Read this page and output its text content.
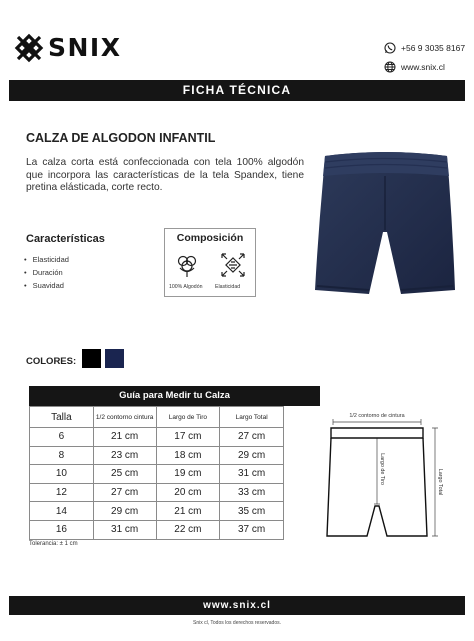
SNIX	+56 9 3035 8167
www.snix.cl
FICHA TÉCNICA
CALZA DE ALGODON INFANTIL

La calza corta está confeccionada con tela 100% algodón que incorpora las características de la tela Spandex, tiene pretina elásticada, corte recto.

Características
• Elasticidad
• Duración
• Suavidad
Composición
100% Algodón Elasticidad
COLORES:
Guía para Medir tu Calza
Talla	1/2 contorno cintura	Largo de Tiro	Largo Total
6	21 cm	17 cm	27 cm
8	23 cm	18 cm	29 cm
10	25 cm	19 cm	31 cm
12	27 cm	20 cm	33 cm
14	29 cm	21 cm	35 cm
16	31 cm	22 cm	37 cm
Tolerancia: ± 1 cm
1/2 contorno de cintura
Largo de Tiro	Largo Total
www.snix.cl
Snix cl, Todos los derechos reservados.
